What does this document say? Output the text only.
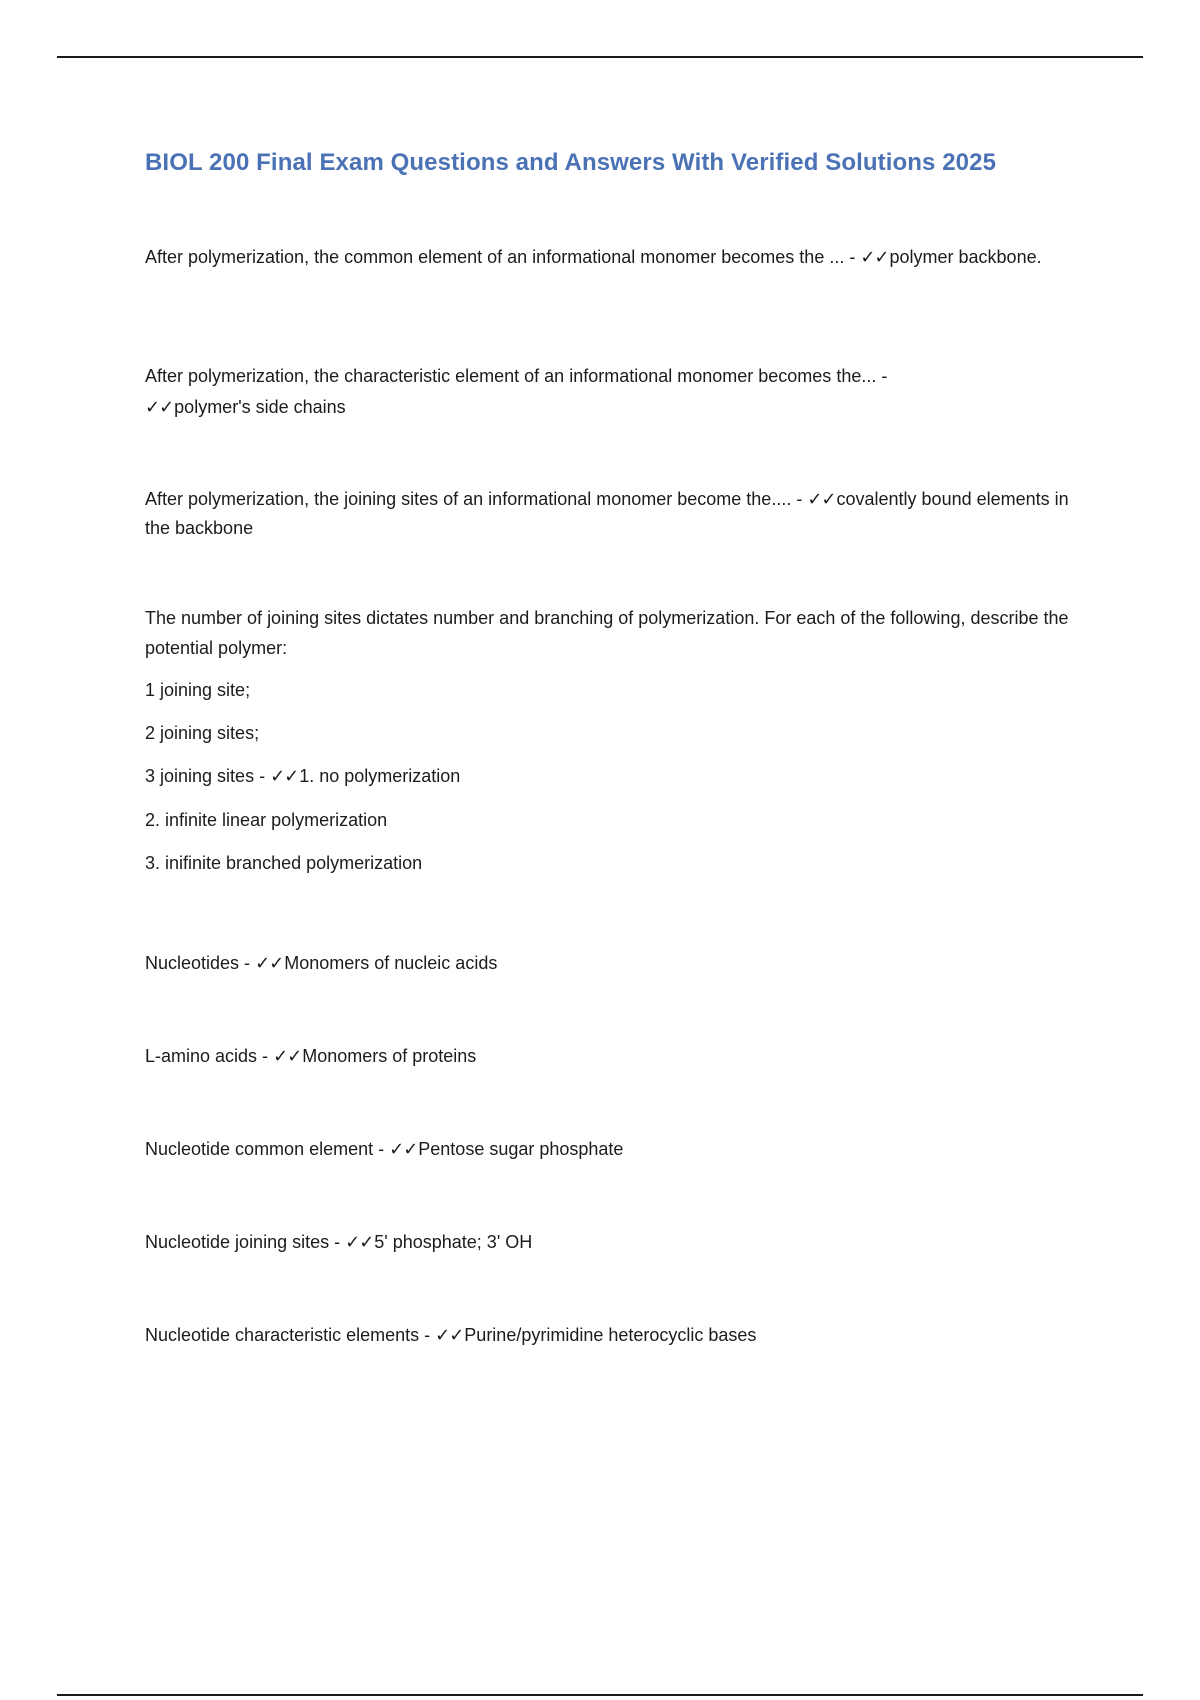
BIOL 200 Final Exam Questions and Answers With Verified Solutions 2025

After polymerization, the common element of an informational monomer becomes the ... - ✓✓polymer backbone.

After polymerization, the characteristic element of an informational monomer becomes the... -
✓✓polymer's side chains

After polymerization, the joining sites of an informational monomer become the.... - ✓✓covalently bound elements in the backbone

The number of joining sites dictates number and branching of polymerization. For each of the following, describe the potential polymer:

1 joining site;
2 joining sites;
3 joining sites - ✓✓1. no polymerization
2. infinite linear polymerization
3. inifinite branched polymerization

Nucleotides - ✓✓Monomers of nucleic acids

L-amino acids - ✓✓Monomers of proteins

Nucleotide common element - ✓✓Pentose sugar phosphate

Nucleotide joining sites - ✓✓5' phosphate; 3' OH

Nucleotide characteristic elements - ✓✓Purine/pyrimidine heterocyclic bases
